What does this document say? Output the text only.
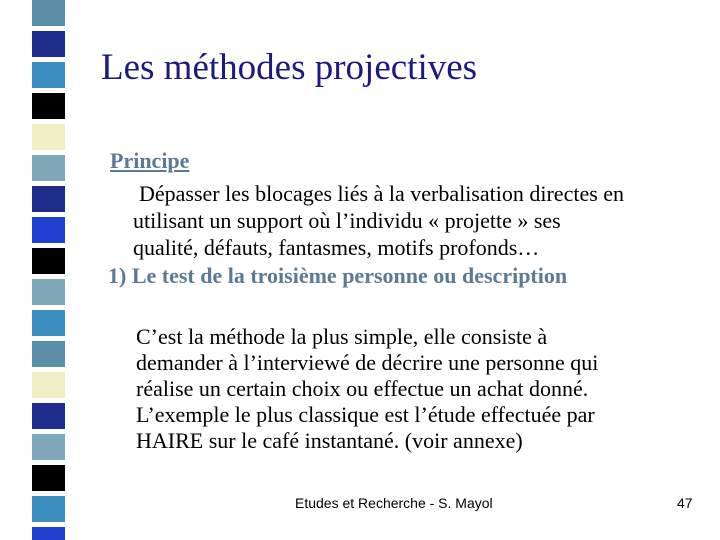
Les méthodes projectives
Principe
Dépasser les blocages liés à la verbalisation directes en
utilisant un support où l’individu « projette » ses
qualité, défauts, fantasmes, motifs profonds…
1) Le test de la troisième personne ou description
C’est la méthode la plus simple, elle consiste à
demander à l’interviewé de décrire une personne qui
réalise un certain choix ou effectue un achat donné.
L’exemple le plus classique est l’étude effectuée par
HAIRE sur le café instantané. (voir annexe)
Etudes et Recherche - S. Mayol	47
